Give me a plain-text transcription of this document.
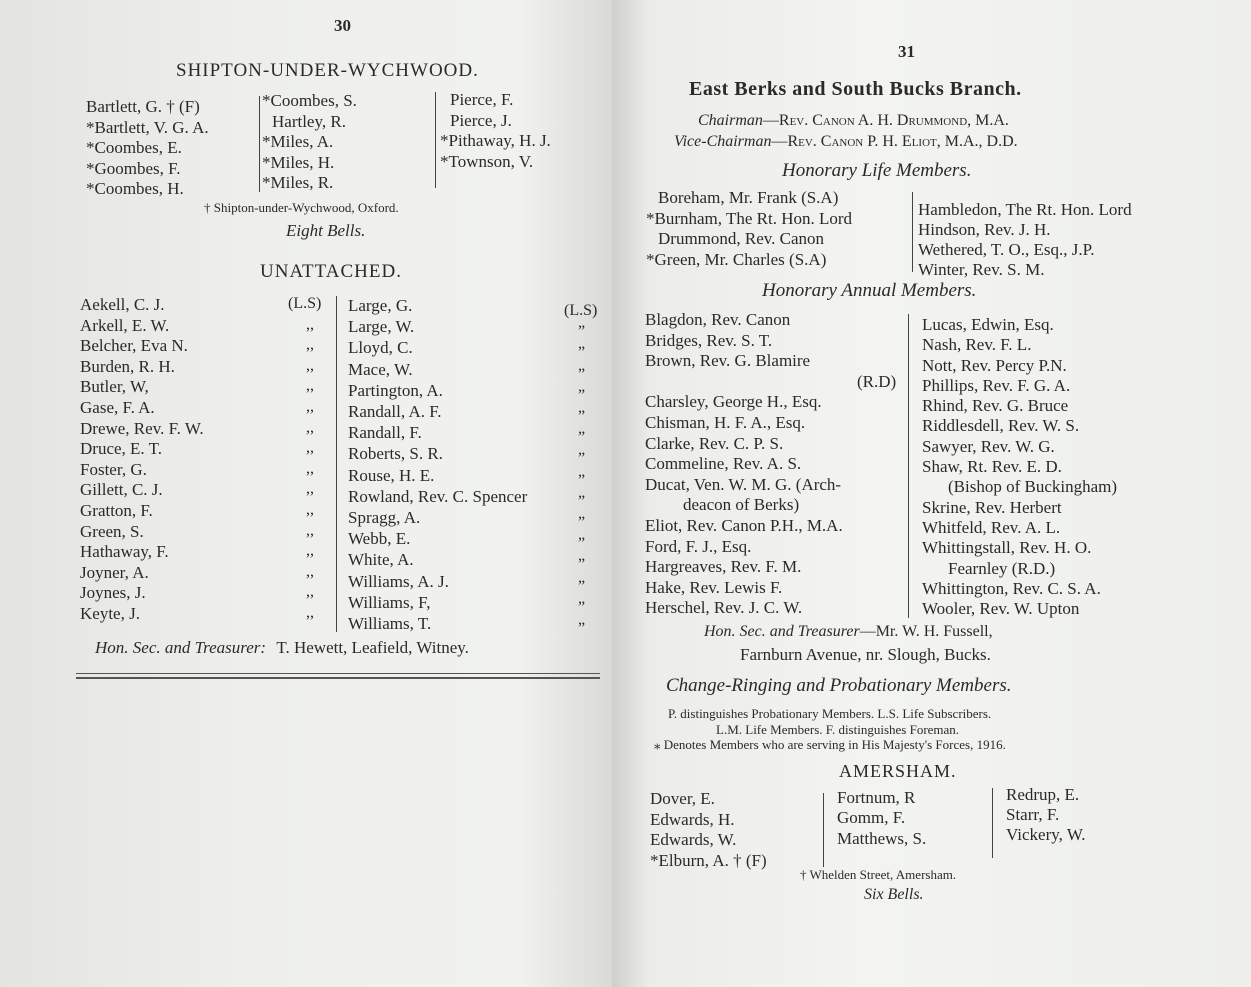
30
SHIPTON-UNDER-WYCHWOOD.
Bartlett, G. † (F)
*Bartlett, V. G. A.
*Coombes, E.
*Goombes, F.
*Coombes, H.
*Coombes, S.
Hartley, R.
*Miles, A.
*Miles, H.
*Miles, R.
Pierce, F.
Pierce, J.
*Pithaway, H. J.
*Townson, V.
† Shipton-under-Wychwood, Oxford.
Eight Bells.
UNATTACHED.
Aekell, C. J.
Arkell, E. W.
Belcher, Eva N.
Burden, R. H.
Butler, W,
Gase, F. A.
Drewe, Rev. F. W.
Druce, E. T.
Foster, G.
Gillett, C. J.
Gratton, F.
Green, S.
Hathaway, F.
Joyner, A.
Joynes, J.
Keyte, J.
(L.S)
,,
,,
,,
,,
,,
,,
,,
,,
,,
,,
,,
,,
,,
,,
,,
Large, G.
Large, W.
Lloyd, C.
Mace, W.
Partington, A.
Randall, A. F.
Randall, F.
Roberts, S. R.
Rouse, H. E.
Rowland, Rev. C. Spencer
Spragg, A.
Webb, E.
White, A.
Williams, A. J.
Williams, F,
Williams, T.
(L.S)
”
”
”
”
”
”
”
”
”
”
”
”
”
”
”
Hon. Sec. and Treasurer: T. Hewett, Leafield, Witney.
31
East Berks and South Bucks Branch.
Chairman—Rev. Canon A. H. Drummond, M.A.
Vice-Chairman—Rev. Canon P. H. Eliot, M.A., D.D.
Honorary Life Members.
Boreham, Mr. Frank (S.A)
*Burnham, The Rt. Hon. Lord
Drummond, Rev. Canon
*Green, Mr. Charles (S.A)
Hambledon, The Rt. Hon. Lord
Hindson, Rev. J. H.
Wethered, T. O., Esq., J.P.
Winter, Rev. S. M.
Honorary Annual Members.
Blagdon, Rev. Canon
Bridges, Rev. S. T.
Brown, Rev. G. Blamire
(R.D)
Charsley, George H., Esq.
Chisman, H. F. A., Esq.
Clarke, Rev. C. P. S.
Commeline, Rev. A. S.
Ducat, Ven. W. M. G. (Arch-
deacon of Berks)
Eliot, Rev. Canon P.H., M.A.
Ford, F. J., Esq.
Hargreaves, Rev. F. M.
Hake, Rev. Lewis F.
Herschel, Rev. J. C. W.
Lucas, Edwin, Esq.
Nash, Rev. F. L.
Nott, Rev. Percy P.N.
Phillips, Rev. F. G. A.
Rhind, Rev. G. Bruce
Riddlesdell, Rev. W. S.
Sawyer, Rev. W. G.
Shaw, Rt. Rev. E. D.
(Bishop of Buckingham)
Skrine, Rev. Herbert
Whitfeld, Rev. A. L.
Whittingstall, Rev. H. O.
Fearnley (R.D.)
Whittington, Rev. C. S. A.
Wooler, Rev. W. Upton
Hon. Sec. and Treasurer—Mr. W. H. Fussell,
Farnburn Avenue, nr. Slough, Bucks.
Change-Ringing and Probationary Members.
P. distinguishes Probationary Members. L.S. Life Subscribers.
L.M. Life Members. F. distinguishes Foreman.
⁎ Denotes Members who are serving in His Majesty's Forces, 1916.
AMERSHAM.
Dover, E.
Edwards, H.
Edwards, W.
*Elburn, A. † (F)
Fortnum, R
Gomm, F.
Matthews, S.
Redrup, E.
Starr, F.
Vickery, W.
† Whelden Street, Amersham.
Six Bells.
